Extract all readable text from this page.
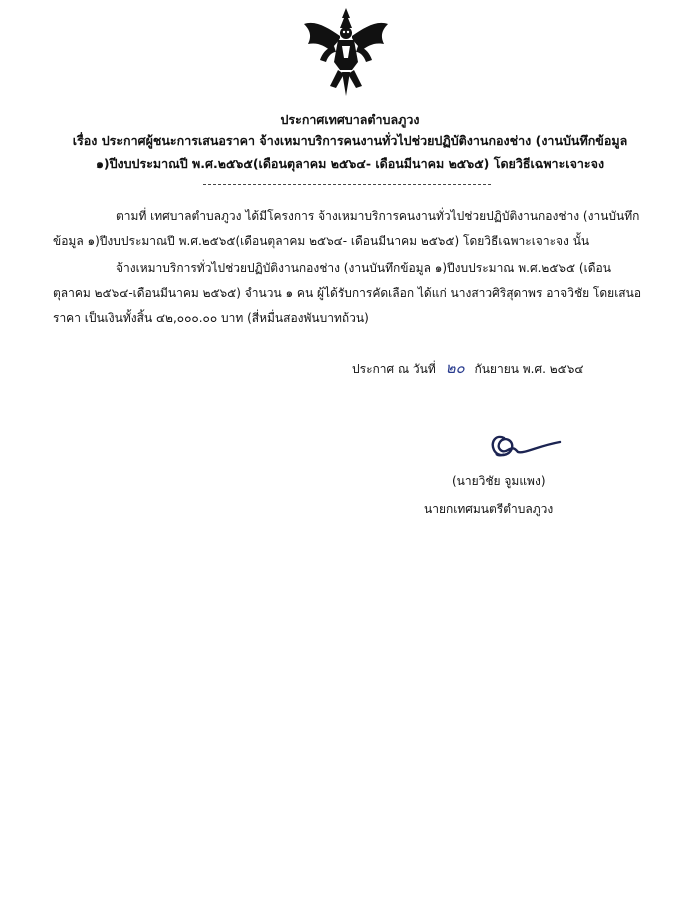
ประกาศเทศบาลตำบลภูวง
เรื่อง ประกาศผู้ชนะการเสนอราคา จ้างเหมาบริการคนงานทั่วไปช่วยปฏิบัติงานกองช่าง (งานบันทึกข้อมูล
๑)ปีงบประมาณปี พ.ศ.๒๕๖๕(เดือนตุลาคม ๒๕๖๔- เดือนมีนาคม ๒๕๖๕) โดยวิธีเฉพาะเจาะจง
ตามที่ เทศบาลตำบลภูวง ได้มีโครงการ จ้างเหมาบริการคนงานทั่วไปช่วยปฏิบัติงานกองช่าง (งานบันทึก
ข้อมูล ๑)ปีงบประมาณปี พ.ศ.๒๕๖๕(เดือนตุลาคม ๒๕๖๔- เดือนมีนาคม ๒๕๖๕) โดยวิธีเฉพาะเจาะจง นั้น
จ้างเหมาบริการทั่วไปช่วยปฏิบัติงานกองช่าง (งานบันทึกข้อมูล ๑)ปีงบประมาณ พ.ศ.๒๕๖๕ (เดือน
ตุลาคม ๒๕๖๔-เดือนมีนาคม ๒๕๖๕) จำนวน ๑ คน ผู้ได้รับการคัดเลือก ได้แก่ นางสาวศิริสุดาพร อาจวิชัย โดยเสนอ
ราคา เป็นเงินทั้งสิ้น ๔๒,๐๐๐.๐๐ บาท (สี่หมื่นสองพันบาทถ้วน)
ประกาศ ณ วันที่ ๒๐ กันยายน พ.ศ. ๒๕๖๔
(นายวิชัย จูมแพง)
นายกเทศมนตรีตำบลภูวง
